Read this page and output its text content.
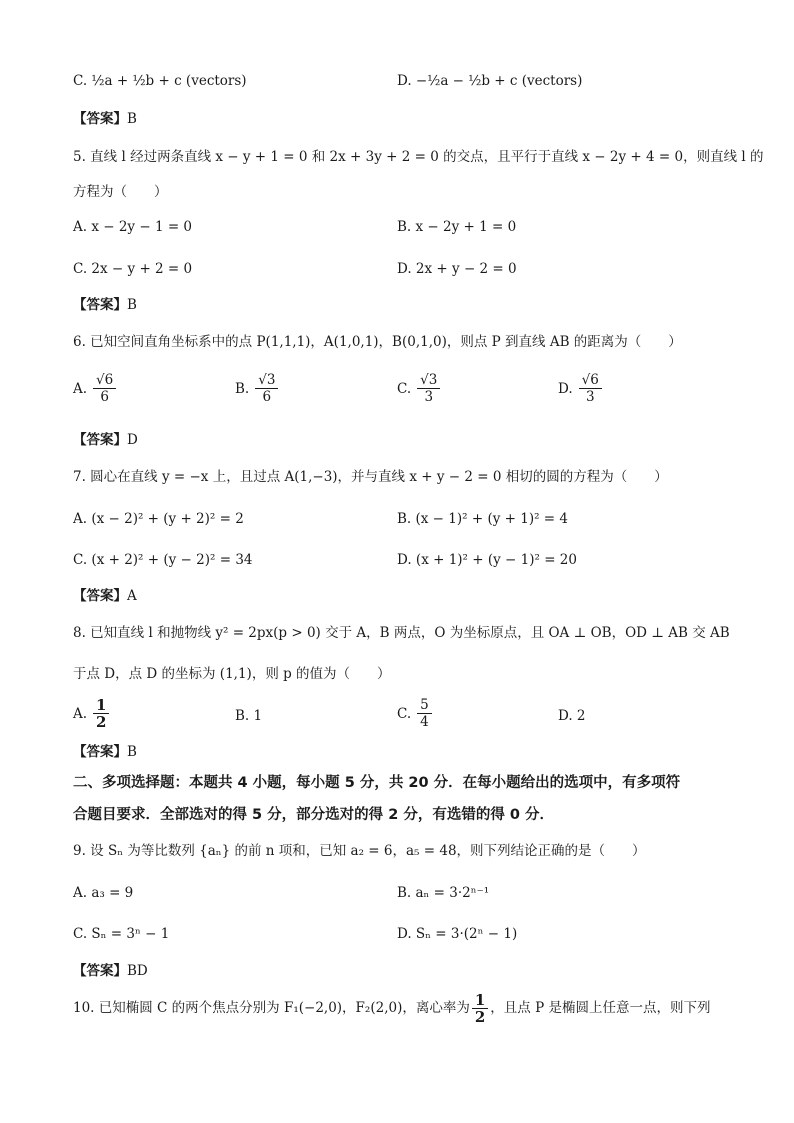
C. ½a + ½b + c (vectors)	D. −½a − ½b + c (vectors)
【答案】B
5. 直线 l 经过两条直线 x − y + 1 = 0 和 2x + 3y + 2 = 0 的交点，且平行于直线 x − 2y + 4 = 0，则直线 l 的
方程为（　　）
A. x − 2y − 1 = 0	B. x − 2y + 1 = 0
C. 2x − y + 2 = 0	D. 2x + y − 2 = 0
【答案】B
6. 已知空间直角坐标系中的点 P(1,1,1)，A(1,0,1)，B(0,1,0)，则点 P 到直线 AB 的距离为（　　）
A. $\frac{√6}{6}$	B. $\frac{√3}{6}$	C. $\frac{√3}{3}$	D. $\frac{√6}{3}$
【答案】D
7. 圆心在直线 y = −x 上，且过点 A(1,−3)，并与直线 x + y − 2 = 0 相切的圆的方程为（　　）
A. (x − 2)² + (y + 2)² = 2	B. (x − 1)² + (y + 1)² = 4
C. (x + 2)² + (y − 2)² = 34	D. (x + 1)² + (y − 1)² = 20
【答案】A
8. 已知直线 l 和抛物线 y² = 2px(p > 0) 交于 A，B 两点，O 为坐标原点，且 OA ⊥ OB，OD ⊥ AB 交 AB
于点 D，点 D 的坐标为 (1,1)，则 p 的值为（　　）
A. $\frac{1}{2}$	B. 1	C. $\frac{5}{4}$	D. 2
【答案】B
二、多项选择题：本题共 4 小题，每小题 5 分，共 20 分．在每小题给出的选项中，有多项符
合题目要求．全部选对的得 5 分，部分选对的得 2 分，有选错的得 0 分．
9. 设 Sₙ 为等比数列 {aₙ} 的前 n 项和，已知 a₂ = 6，a₅ = 48，则下列结论正确的是（　　）
A. a₃ = 9	B. aₙ = 3·2ⁿ⁻¹
C. Sₙ = 3ⁿ − 1	D. Sₙ = 3·(2ⁿ − 1)
【答案】BD
10. 已知椭圆 C 的两个焦点分别为 F₁(−2,0)，F₂(2,0)，离心率为 $\frac{1}{2}$ ，且点 P 是椭圆上任意一点，则下列
